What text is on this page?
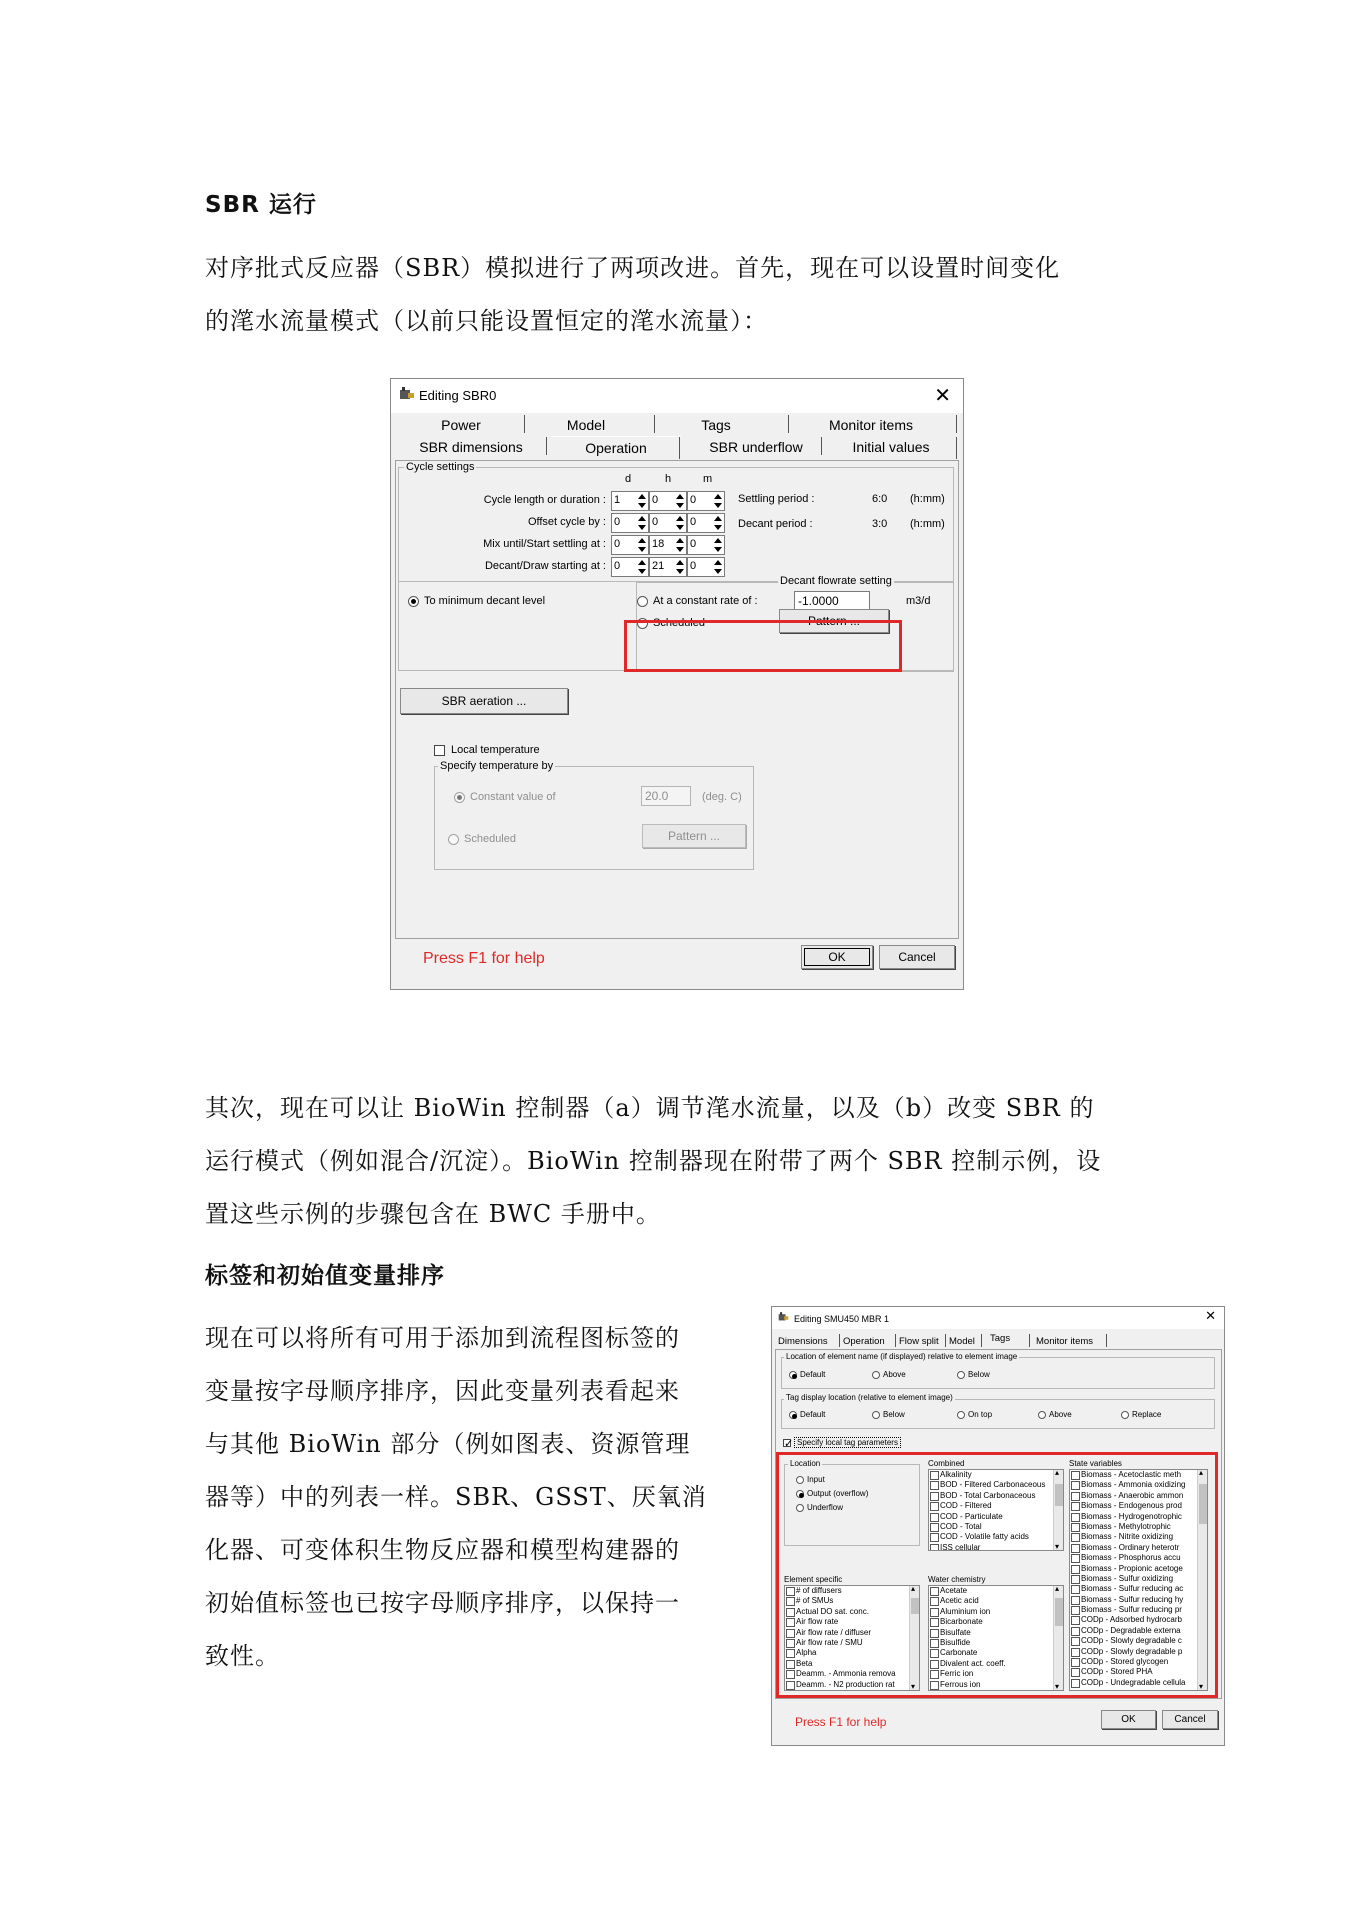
SBR 运行
对序批式反应器（SBR）模拟进行了两项改进。首先，现在可以设置时间变化
的滗水流量模式（以前只能设置恒定的滗水流量）：
Editing SBR0	✕
Power	Model	Tags	Monitor items
SBR dimensions	Operation	SBR underflow	Initial values
Cycle settings
d	h	m
Cycle length or duration : 1	0	0
Offset cycle by : 0	0	0
Mix until/Start settling at : 0	18	0
Decant/Draw starting at : 0	21	0
Settling period :	6:0 (h:mm)
Decant period :	3:0 (h:mm)
To minimum decant level
Decant flowrate setting
At a constant rate of :	-1.0000	m3/d
Scheduled	Pattern ...
SBR aeration ...
Local temperature
Specify temperature by
Constant value of	20.0	(deg. C)
Scheduled	Pattern ...
Press F1 for help	OK	Cancel
其次，现在可以让 BioWin 控制器（a）调节滗水流量，以及（b）改变 SBR 的
运行模式（例如混合/沉淀）。BioWin 控制器现在附带了两个 SBR 控制示例，设
置这些示例的步骤包含在 BWC 手册中。
标签和初始值变量排序
现在可以将所有可用于添加到流程图标签的
变量按字母顺序排序，因此变量列表看起来
与其他 BioWin 部分（例如图表、资源管理
器等）中的列表一样。SBR、GSST、厌氧消
化器、可变体积生物反应器和模型构建器的
初始值标签也已按字母顺序排序，以保持一
致性。
Editing SMU450 MBR 1	✕
Dimensions Operation Flow split Model Tags	Monitor items
Location of element name (if displayed) relative to element image
Default	Above	Below
Tag display location (relative to element image)
Default	Below	On top	Above	Replace
✓
Specify local tag parameters
Location
Input
Output (overflow)
Underflow
Combined
Alkalinity
BOD - Filtered Carbonaceous
BOD - Total Carbonaceous
COD - Filtered
COD - Particulate
COD - Total
COD - Volatile fatty acids
ISS cellular
▴
▾
State variables
Biomass - Acetoclastic meth
Biomass - Ammonia oxidizing
Biomass - Anaerobic ammon
Biomass - Endogenous prod
Biomass - Hydrogenotrophic
Biomass - Methylotrophic
Biomass - Nitrite oxidizing
Biomass - Ordinary heterotr
Biomass - Phosphorus accu
Biomass - Propionic acetoge
Biomass - Sulfur oxidizing
Biomass - Sulfur reducing ac
Biomass - Sulfur reducing hy
Biomass - Sulfur reducing pr
CODp - Adsorbed hydrocarb
CODp - Degradable externa
CODp - Slowly degradable c
CODp - Slowly degradable p
CODp - Stored glycogen
CODp - Stored PHA
CODp - Undegradable cellula
▴
▾
Element specific
# of diffusers
# of SMUs
Actual DO sat. conc.
Air flow rate
Air flow rate / diffuser
Air flow rate / SMU
Alpha
Beta
Deamm. - Ammonia remova
Deamm. - N2 production rat
▴
▾
Water chemistry
Acetate
Acetic acid
Aluminium ion
Bicarbonate
Bisulfate
Bisulfide
Carbonate
Divalent act. coeff.
Ferric ion
Ferrous ion
▴
▾
Press F1 for help	OK	Cancel
